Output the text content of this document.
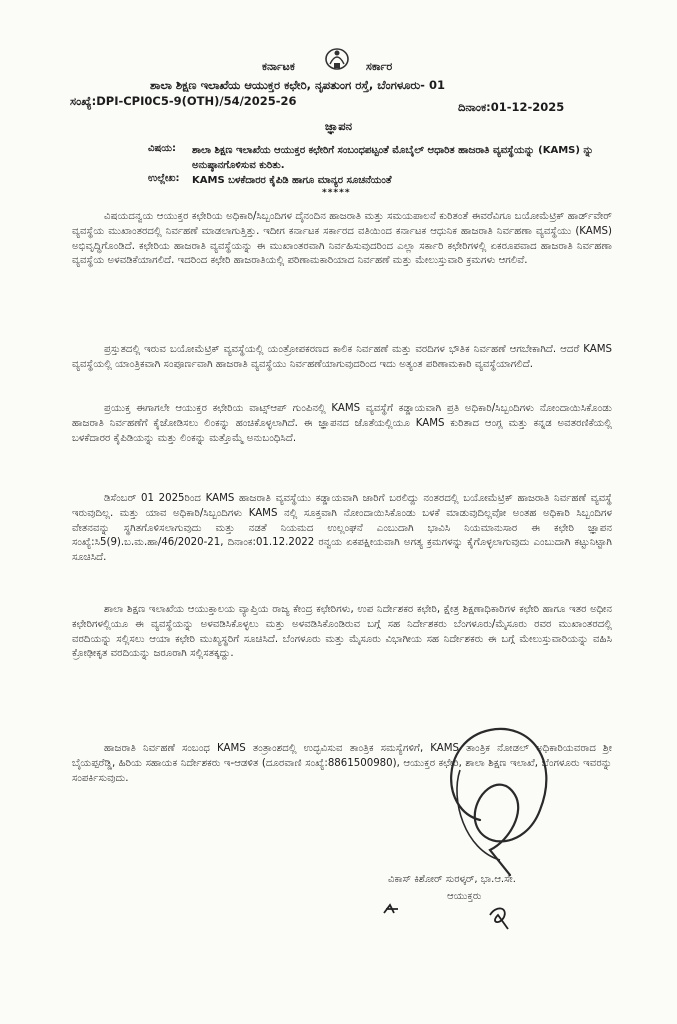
ಕರ್ನಾಟಕ	ಸರ್ಕಾರ
ಶಾಲಾ ಶಿಕ್ಷಣ ಇಲಾಖೆಯ ಆಯುಕ್ತರ ಕಛೇರಿ, ನೃಪತುಂಗ ರಸ್ತೆ, ಬೆಂಗಳೂರು- 01
ಸಂಖ್ಯೆ:DPI-CPI0C5-9(OTH)/54/2025-26	ದಿನಾಂಕ:01-12-2025
ಜ್ಞಾಪನ
ವಿಷಯ: ಶಾಲಾ ಶಿಕ್ಷಣ ಇಲಾಖೆಯ ಆಯುಕ್ತರ ಕಛೇರಿಗೆ ಸಂಬಂಧಪಟ್ಟಂತೆ ಮೊಬೈಲ್ ಆಧಾರಿತ ಹಾಜರಾತಿ ವ್ಯವಸ್ಥೆಯನ್ನು (KAMS) ನ್ನು ಅನುಷ್ಠಾನಗೊಳಿಸುವ ಕುರಿತು.
ಉಲ್ಲೇಖ: KAMS ಬಳಕೆದಾರರ ಕೈಪಿಡಿ ಹಾಗೂ ಮಾನ್ಯರ ಸೂಚನೆಯಂತೆ
*****
ವಿಷಯದನ್ವಯ ಆಯುಕ್ತರ ಕಛೇರಿಯ ಅಧಿಕಾರಿ/ಸಿಬ್ಬಂದಿಗಳ ದೈನಂದಿನ ಹಾಜರಾತಿ ಮತ್ತು ಸಮಯಪಾಲನೆ ಕುರಿತಂತೆ ಈವರೆವಿಗೂ ಬಯೋಮೆಟ್ರಿಕ್ ಹಾರ್ಡ್‌ವೇರ್ ವ್ಯವಸ್ಥೆಯ ಮುಖಾಂತರದಲ್ಲಿ ನಿರ್ವಹಣೆ ಮಾಡಲಾಗುತ್ತಿತ್ತು. ಇದೀಗ ಕರ್ನಾಟಕ ಸರ್ಕಾರದ ವತಿಯಿಂದ ಕರ್ನಾಟಕ ಆಧುನಿಕ ಹಾಜರಾತಿ ನಿರ್ವಹಣಾ ವ್ಯವಸ್ಥೆಯು (KAMS) ಅಭಿವೃದ್ಧಿಗೊಂಡಿದೆ. ಕಛೇರಿಯ ಹಾಜರಾತಿ ವ್ಯವಸ್ಥೆಯನ್ನು ಈ ಮುಖಾಂತರವಾಗಿ ನಿರ್ವಹಿಸುವುದರಿಂದ ಎಲ್ಲಾ ಸರ್ಕಾರಿ ಕಛೇರಿಗಳಲ್ಲಿ ಏಕರೂಪವಾದ ಹಾಜರಾತಿ ನಿರ್ವಹಣಾ ವ್ಯವಸ್ಥೆಯ ಅಳವಡಿಕೆಯಾಗಲಿದೆ. ಇದರಿಂದ ಕಛೇರಿ ಹಾಜರಾತಿಯಲ್ಲಿ ಪರಿಣಾಮಕಾರಿಯಾದ ನಿರ್ವಹಣೆ ಮತ್ತು ಮೇಲುಸ್ತುವಾರಿ ಕ್ರಮಗಳು ಆಗಲಿವೆ.
ಪ್ರಸ್ತುತದಲ್ಲಿ ಇರುವ ಬಯೋಮೆಟ್ರಿಕ್ ವ್ಯವಸ್ಥೆಯಲ್ಲಿ ಯಂತ್ರೋಪಕರಣದ ಕಾಲಿಕ ನಿರ್ವಹಣೆ ಮತ್ತು ವರದಿಗಳ ಭೌತಿಕ ನಿರ್ವಹಣೆ ಆಗಬೇಕಾಗಿದೆ. ಆದರೆ KAMS ವ್ಯವಸ್ಥೆಯಲ್ಲಿ ಯಾಂತ್ರಿಕವಾಗಿ ಸಂಪೂರ್ಣವಾಗಿ ಹಾಜರಾತಿ ವ್ಯವಸ್ಥೆಯು ನಿರ್ವಹಣೆಯಾಗುವುದರಿಂದ ಇದು ಅತ್ಯಂತ ಪರಿಣಾಮಕಾರಿ ವ್ಯವಸ್ಥೆಯಾಗಲಿದೆ.
ಪ್ರಯುಕ್ತ ಈಗಾಗಲೇ ಆಯುಕ್ತರ ಕಛೇರಿಯ ವಾಟ್ಸ್‌ಆಪ್ ಗುಂಪಿನಲ್ಲಿ KAMS ವ್ಯವಸ್ಥೆಗೆ ಕಡ್ಡಾಯವಾಗಿ ಪ್ರತಿ ಅಧಿಕಾರಿ/ಸಿಬ್ಬಂದಿಗಳು ನೋಂದಾಯಿಸಿಕೊಂಡು ಹಾಜರಾತಿ ನಿರ್ವಹಣೆಗೆ ಕೈಜೋಡಿಸಲು ಲಿಂಕನ್ನು ಹಂಚಿಕೊಳ್ಳಲಾಗಿದೆ. ಈ ಜ್ಞಾಪನದ ಜೊತೆಯಲ್ಲಿಯೂ KAMS ಕುರಿತಾದ ಆಂಗ್ಲ ಮತ್ತು ಕನ್ನಡ ಅವತರಣಿಕೆಯಲ್ಲಿ ಬಳಕೆದಾರರ ಕೈಪಿಡಿಯನ್ನು ಮತ್ತು ಲಿಂಕನ್ನು ಮತ್ತೊಮ್ಮೆ ಅನುಬಂಧಿಸಿದೆ.
ಡಿಸೆಂಬರ್ 01 2025ರಿಂದ KAMS ಹಾಜರಾತಿ ವ್ಯವಸ್ಥೆಯು ಕಡ್ಡಾಯವಾಗಿ ಜಾರಿಗೆ ಬರಲಿದ್ದು ನಂತರದಲ್ಲಿ ಬಯೋಮೆಟ್ರಿಕ್ ಹಾಜರಾತಿ ನಿರ್ವಹಣೆ ವ್ಯವಸ್ಥೆ ಇರುವುದಿಲ್ಲ. ಮತ್ತು ಯಾವ ಅಧಿಕಾರಿ/ಸಿಬ್ಬಂದಿಗಳು KAMS ನಲ್ಲಿ ಸೂಕ್ತವಾಗಿ ನೋಂದಾಯಿಸಿಕೊಂಡು ಬಳಕೆ ಮಾಡುವುದಿಲ್ಲವೋ ಅಂತಹ ಅಧಿಕಾರಿ ಸಿಬ್ಬಂದಿಗಳ ವೇತನವನ್ನು ಸ್ಥಗಿತಗೊಳಿಸಲಾಗುವುದು ಮತ್ತು ನಡತೆ ನಿಯಮದ ಉಲ್ಲಂಘನೆ ಎಂಬುದಾಗಿ ಭಾವಿಸಿ ನಿಯಮಾನುಸಾರ ಈ ಕಛೇರಿ ಜ್ಞಾಪನ ಸಂಖ್ಯೆ:ಸಿ5(9).ಬ.ಮ.ಹಾ/46/2020-21, ದಿನಾಂಕ:01.12.2022 ರನ್ವಯ ಏಕಪಕ್ಷೀಯವಾಗಿ ಅಗತ್ಯ ಕ್ರಮಗಳನ್ನು ಕೈಗೊಳ್ಳಲಾಗುವುದು ಎಂಬುದಾಗಿ ಕಟ್ಟುನಿಟ್ಟಾಗಿ ಸೂಚಿಸಿದೆ.
ಶಾಲಾ ಶಿಕ್ಷಣ ಇಲಾಖೆಯ ಆಯುಕ್ತಾಲಯ ವ್ಯಾಪ್ತಿಯ ರಾಜ್ಯ ಕೇಂದ್ರ ಕಛೇರಿಗಳು, ಉಪ ನಿರ್ದೇಶಕರ ಕಛೇರಿ, ಕ್ಷೇತ್ರ ಶಿಕ್ಷಣಾಧಿಕಾರಿಗಳ ಕಛೇರಿ ಹಾಗೂ ಇತರ ಅಧೀನ ಕಛೇರಿಗಳಲ್ಲಿಯೂ ಈ ವ್ಯವಸ್ಥೆಯನ್ನು ಅಳವಡಿಸಿಕೊಳ್ಳಲು ಮತ್ತು ಅಳವಡಿಸಿಕೊಂಡಿರುವ ಬಗ್ಗೆ ಸಹ ನಿರ್ದೇಶಕರು ಬೆಂಗಳೂರು/ಮೈಸೂರು ರವರ ಮುಖಾಂತರದಲ್ಲಿ ವರದಿಯನ್ನು ಸಲ್ಲಿಸಲು ಆಯಾ ಕಛೇರಿ ಮುಖ್ಯಸ್ಥರಿಗೆ ಸೂಚಿಸಿದೆ. ಬೆಂಗಳೂರು ಮತ್ತು ಮೈಸೂರು ವಿಭಾಗೀಯ ಸಹ ನಿರ್ದೇಶಕರು ಈ ಬಗ್ಗೆ ಮೇಲುಸ್ತುವಾರಿಯನ್ನು ವಹಿಸಿ ಕ್ರೋಢೀಕೃತ ವರದಿಯನ್ನು ಜರೂರಾಗಿ ಸಲ್ಲಿಸತಕ್ಕದ್ದು.
ಹಾಜರಾತಿ ನಿರ್ವಹಣೆ ಸಂಬಂಧ KAMS ತಂತ್ರಾಂಶದಲ್ಲಿ ಉದ್ಭವಿಸುವ ತಾಂತ್ರಿಕ ಸಮಸ್ಯೆಗಳಿಗೆ, KAMS ತಾಂತ್ರಿಕ ನೋಡಲ್ ಅಧಿಕಾರಿಯವರಾದ ಶ್ರೀ ಬೈಯಪ್ಪರೆಡ್ಡಿ, ಹಿರಿಯ ಸಹಾಯಕ ನಿರ್ದೇಶಕರು ಇ-ಆಡಳಿತ (ದೂರವಾಣಿ ಸಂಖ್ಯೆ:8861500980), ಆಯುಕ್ತರ ಕಛೇರಿ, ಶಾಲಾ ಶಿಕ್ಷಣ ಇಲಾಖೆ, ಬೆಂಗಳೂರು ಇವರನ್ನು ಸಂಪರ್ಕಿಸುವುದು.
ವಿಕಾಸ್ ಕಿಶೋರ್ ಸುರಳ್ಕರ್, ಭಾ.ಆ.ಸೇ.
ಆಯುಕ್ತರು
